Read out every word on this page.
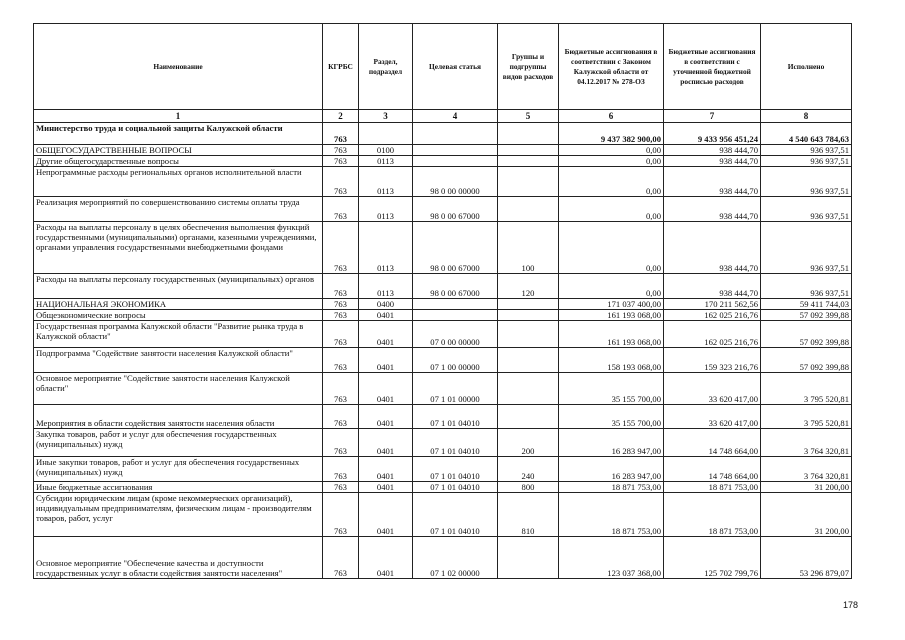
Наименование	КГРБС	Раздел, подраздел	Целевая статья	Группы и подгруппы видов расходов	Бюджетные ассигнования в соответствии с Законом Калужской области от 04.12.2017 № 278-ОЗ	Бюджетные ассигнования в соответствии с уточненной бюджетной росписью расходов	Исполнено
1	2	3	4	5	6	7	8
Министерство труда и социальной защиты Калужской области	763				9 437 382 900,00	9 433 956 451,24	4 540 643 784,63
ОБЩЕГОСУДАРСТВЕННЫЕ ВОПРОСЫ	763	0100			0,00	938 444,70	936 937,51
Другие общегосударственные вопросы	763	0113			0,00	938 444,70	936 937,51
Непрограммные расходы региональных органов исполнительной власти	763	0113	98 0 00 00000		0,00	938 444,70	936 937,51
Реализация мероприятий по совершенствованию системы оплаты труда	763	0113	98 0 00 67000		0,00	938 444,70	936 937,51
Расходы на выплаты персоналу в целях обеспечения выполнения функций государственными (муниципальными) органами, казенными учреждениями, органами управления государственными внебюджетными фондами	763	0113	98 0 00 67000	100	0,00	938 444,70	936 937,51
Расходы на выплаты персоналу государственных (муниципальных) органов	763	0113	98 0 00 67000	120	0,00	938 444,70	936 937,51
НАЦИОНАЛЬНАЯ ЭКОНОМИКА	763	0400			171 037 400,00	170 211 562,56	59 411 744,03
Общеэкономические вопросы	763	0401			161 193 068,00	162 025 216,76	57 092 399,88
Государственная программа Калужской области "Развитие рынка труда в Калужской области"	763	0401	07 0 00 00000		161 193 068,00	162 025 216,76	57 092 399,88
Подпрограмма "Содействие занятости населения Калужской области"	763	0401	07 1 00 00000		158 193 068,00	159 323 216,76	57 092 399,88
Основное мероприятие "Содействие занятости населения Калужской области"	763	0401	07 1 01 00000		35 155 700,00	33 620 417,00	3 795 520,81
Мероприятия в области содействия занятости населения области	763	0401	07 1 01 04010		35 155 700,00	33 620 417,00	3 795 520,81
Закупка товаров, работ и услуг для обеспечения государственных (муниципальных) нужд	763	0401	07 1 01 04010	200	16 283 947,00	14 748 664,00	3 764 320,81
Иные закупки товаров, работ и услуг для обеспечения государственных (муниципальных) нужд	763	0401	07 1 01 04010	240	16 283 947,00	14 748 664,00	3 764 320,81
Иные бюджетные ассигнования	763	0401	07 1 01 04010	800	18 871 753,00	18 871 753,00	31 200,00
Субсидии юридическим лицам (кроме некоммерческих организаций), индивидуальным предпринимателям, физическим лицам - производителям товаров, работ, услуг	763	0401	07 1 01 04010	810	18 871 753,00	18 871 753,00	31 200,00
Основное мероприятие "Обеспечение качества и доступности государственных услуг в области содействия занятости населения"	763	0401	07 1 02 00000		123 037 368,00	125 702 799,76	53 296 879,07
178
